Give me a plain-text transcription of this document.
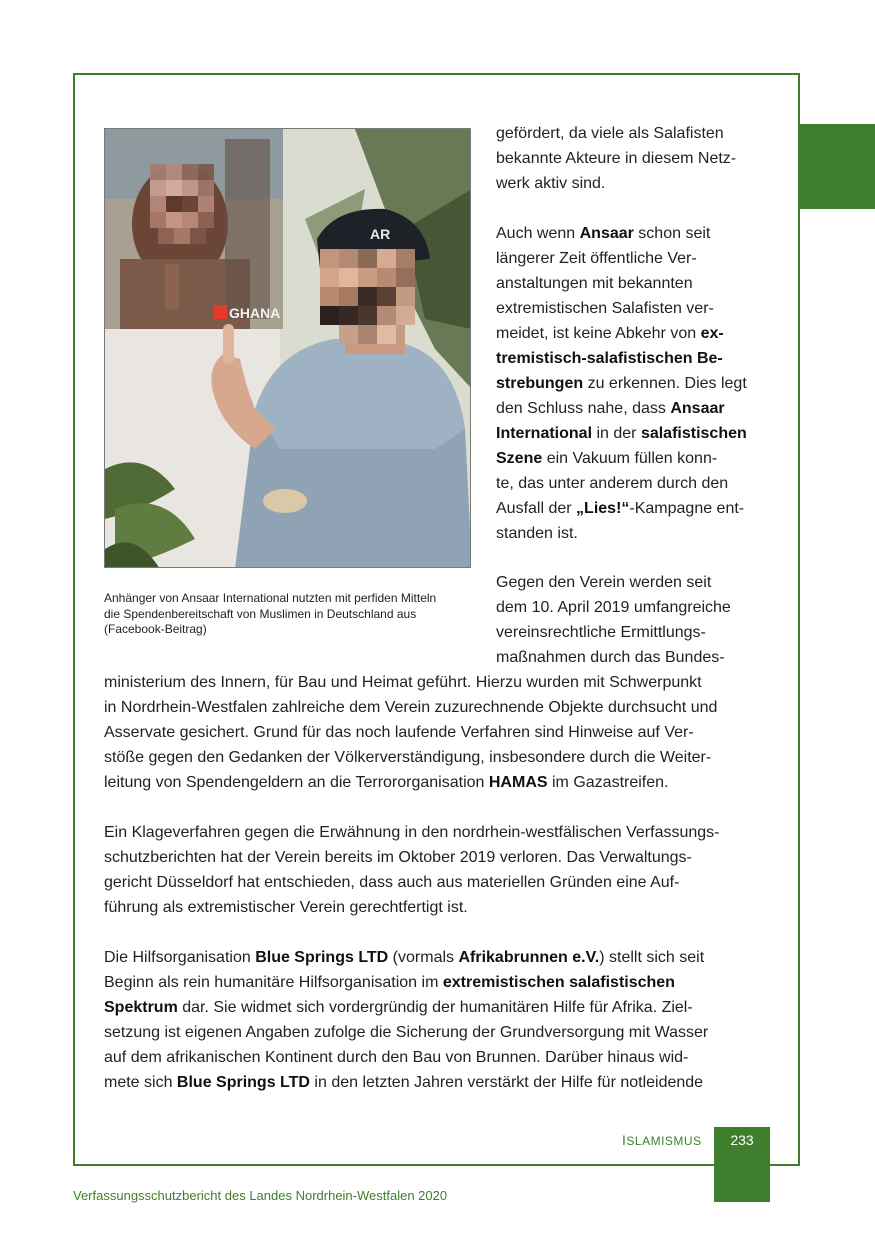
GHANA
AR
Anhänger von Ansaar International nutzten mit perfiden Mitteln
die Spendenbereitschaft von Muslimen in Deutschland aus
(Facebook-Beitrag)
gefördert, da viele als Salafisten
bekannte Akteure in diesem Netz-
werk aktiv sind.
Auch wenn Ansaar schon seit
längerer Zeit öffentliche Ver-
anstaltungen mit bekannten
extremistischen Salafisten ver-
meidet, ist keine Abkehr von ex-
tremistisch-salafistischen Be-
strebungen zu erkennen. Dies legt
den Schluss nahe, dass Ansaar
International in der salafistischen
Szene ein Vakuum füllen konn-
te, das unter anderem durch den
Ausfall der „Lies!“-Kampagne ent-
standen ist.
Gegen den Verein werden seit
dem 10. April 2019 umfangreiche
vereinsrechtliche Ermittlungs-
maßnahmen durch das Bundes-
ministerium des Innern, für Bau und Heimat geführt. Hierzu wurden mit Schwerpunkt
in Nordrhein-Westfalen zahlreiche dem Verein zuzurechnende Objekte durchsucht und
Asservate gesichert. Grund für das noch laufende Verfahren sind Hinweise auf Ver-
stöße gegen den Gedanken der Völkerverständigung, insbesondere durch die Weiter-
leitung von Spendengeldern an die Terrororganisation HAMAS im Gazastreifen.
Ein Klageverfahren gegen die Erwähnung in den nordrhein-westfälischen Verfassungs-
schutzberichten hat der Verein bereits im Oktober 2019 verloren. Das Verwaltungs-
gericht Düsseldorf hat entschieden, dass auch aus materiellen Gründen eine Auf-
führung als extremistischer Verein gerechtfertigt ist.
Die Hilfsorganisation Blue Springs LTD (vormals Afrikabrunnen e.V.) stellt sich seit
Beginn als rein humanitäre Hilfsorganisation im extremistischen salafistischen
Spektrum dar. Sie widmet sich vordergründig der humanitären Hilfe für Afrika. Ziel-
setzung ist eigenen Angaben zufolge die Sicherung der Grundversorgung mit Wasser
auf dem afrikanischen Kontinent durch den Bau von Brunnen. Darüber hinaus wid-
mete sich Blue Springs LTD in den letzten Jahren verstärkt der Hilfe für notleidende
ISLAMISMUS	233
Verfassungsschutzbericht des Landes Nordrhein-Westfalen 2020
